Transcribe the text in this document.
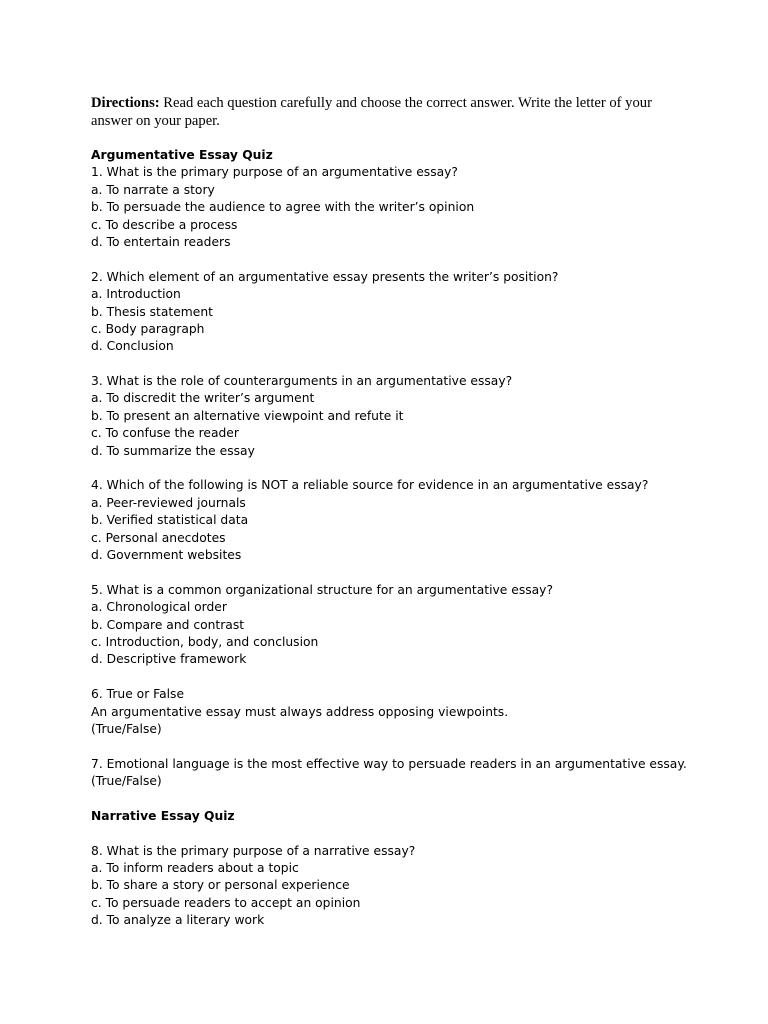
Directions: Read each question carefully and choose the correct answer. Write the letter of your answer on your paper.
Argumentative Essay Quiz
1. What is the primary purpose of an argumentative essay?
a. To narrate a story
b. To persuade the audience to agree with the writer’s opinion
c. To describe a process
d. To entertain readers
2. Which element of an argumentative essay presents the writer’s position?
a. Introduction
b. Thesis statement
c. Body paragraph
d. Conclusion
3. What is the role of counterarguments in an argumentative essay?
a. To discredit the writer’s argument
b. To present an alternative viewpoint and refute it
c. To confuse the reader
d. To summarize the essay
4. Which of the following is NOT a reliable source for evidence in an argumentative essay?
a. Peer-reviewed journals
b. Verified statistical data
c. Personal anecdotes
d. Government websites
5. What is a common organizational structure for an argumentative essay?
a. Chronological order
b. Compare and contrast
c. Introduction, body, and conclusion
d. Descriptive framework
6. True or False
An argumentative essay must always address opposing viewpoints.
(True/False)
7. Emotional language is the most effective way to persuade readers in an argumentative essay.
(True/False)
Narrative Essay Quiz
8. What is the primary purpose of a narrative essay?
a. To inform readers about a topic
b. To share a story or personal experience
c. To persuade readers to accept an opinion
d. To analyze a literary work
